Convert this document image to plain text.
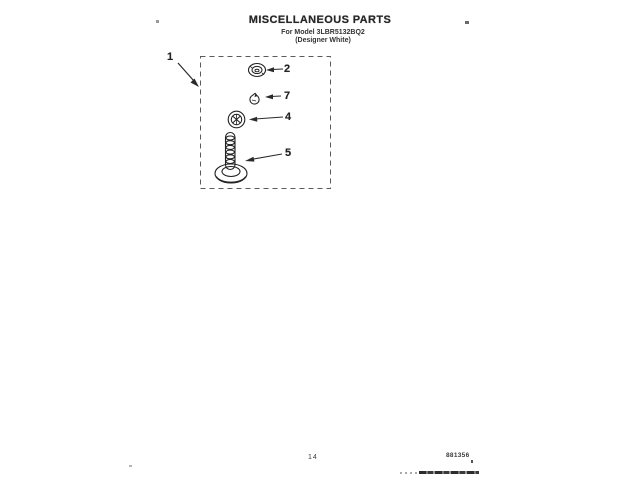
MISCELLANEOUS PARTS
For Model 3LBR5132BQ2
(Designer White)
1
2
7
4
5
14	881356
